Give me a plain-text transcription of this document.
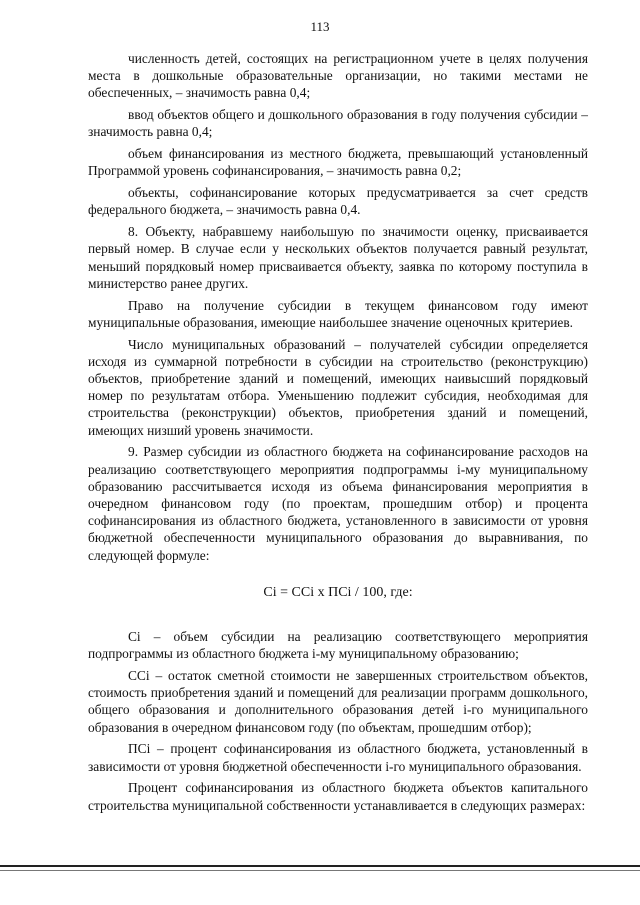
113

численность детей, состоящих на регистрационном учете в целях получения места в дошкольные образовательные организации, но такими местами не обеспеченных, – значимость равна 0,4;

ввод объектов общего и дошкольного образования в году получения субсидии – значимость равна 0,4;

объем финансирования из местного бюджета, превышающий установленный Программой уровень софинансирования, – значимость равна 0,2;

объекты, софинансирование которых предусматривается за счет средств федерального бюджета, – значимость равна 0,4.

8. Объекту, набравшему наибольшую по значимости оценку, присваивается первый номер. В случае если у нескольких объектов получается равный результат, меньший порядковый номер присваивается объекту, заявка по которому поступила в министерство ранее других.

Право на получение субсидии в текущем финансовом году имеют муниципальные образования, имеющие наибольшее значение оценочных критериев.

Число муниципальных образований – получателей субсидии определяется исходя из суммарной потребности в субсидии на строительство (реконструкцию) объектов, приобретение зданий и помещений, имеющих наивысший порядковый номер по результатам отбора. Уменьшению подлежит субсидия, необходимая для строительства (реконструкции) объектов, приобретения зданий и помещений, имеющих низший уровень значимости.

9. Размер субсидии из областного бюджета на софинансирование расходов на реализацию соответствующего мероприятия подпрограммы i-му муниципальному образованию рассчитывается исходя из объема финансирования мероприятия в очередном финансовом году (по проектам, прошедшим отбор) и процента софинансирования из областного бюджета, установленного в зависимости от уровня бюджетной обеспеченности муниципального образования до выравнивания, по следующей формуле:

Ci = CCi x ПCi / 100, где:

Ci – объем субсидии на реализацию соответствующего мероприятия подпрограммы из областного бюджета i-му муниципальному образованию;

CCi – остаток сметной стоимости не завершенных строительством объектов, стоимость приобретения зданий и помещений для реализации программ дошкольного, общего образования и дополнительного образования детей i-го муниципального образования в очередном финансовом году (по объектам, прошедшим отбор);

ПCi – процент софинансирования из областного бюджета, установленный в зависимости от уровня бюджетной обеспеченности i-го муниципального образования.

Процент софинансирования из областного бюджета объектов капитального строительства муниципальной собственности устанавливается в следующих размерах:
